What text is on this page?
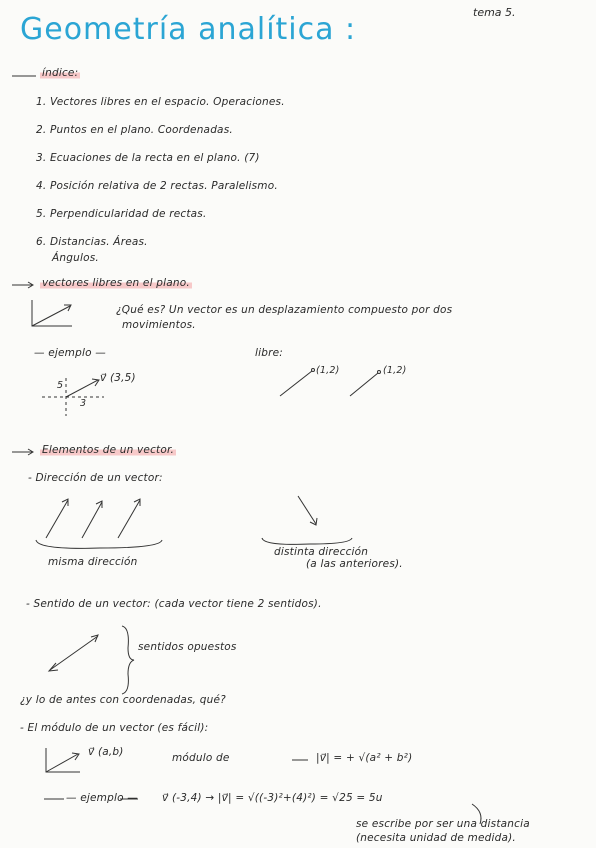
Geometría analítica :	tema 5.
índice:
1. Vectores libres en el espacio. Operaciones.
2. Puntos en el plano. Coordenadas.
3. Ecuaciones de la recta en el plano. (7)
4. Posición relativa de 2 rectas. Paralelismo.
5. Perpendicularidad de rectas.
6. Distancias. Áreas.
Ángulos.
vectores libres en el plano.
¿Qué es? Un vector es un desplazamiento compuesto por dos
movimientos.
— ejemplo —	libre:
v⃗ (3,5)
5
3
(1,2)	(1,2)
Elementos de un vector.
- Dirección de un vector:
misma dirección
distinta dirección
(a las anteriores).
- Sentido de un vector: (cada vector tiene 2 sentidos).
sentidos opuestos
¿y lo de antes con coordenadas, qué?
- El módulo de un vector (es fácil):
v⃗ (a,b)	módulo de	|v⃗| = + √(a² + b²)
— ejemplo — v⃗ (-3,4) → |v⃗| = √((-3)²+(4)²) = √25 = 5u
se escribe por ser una distancia
(necesita unidad de medida).
